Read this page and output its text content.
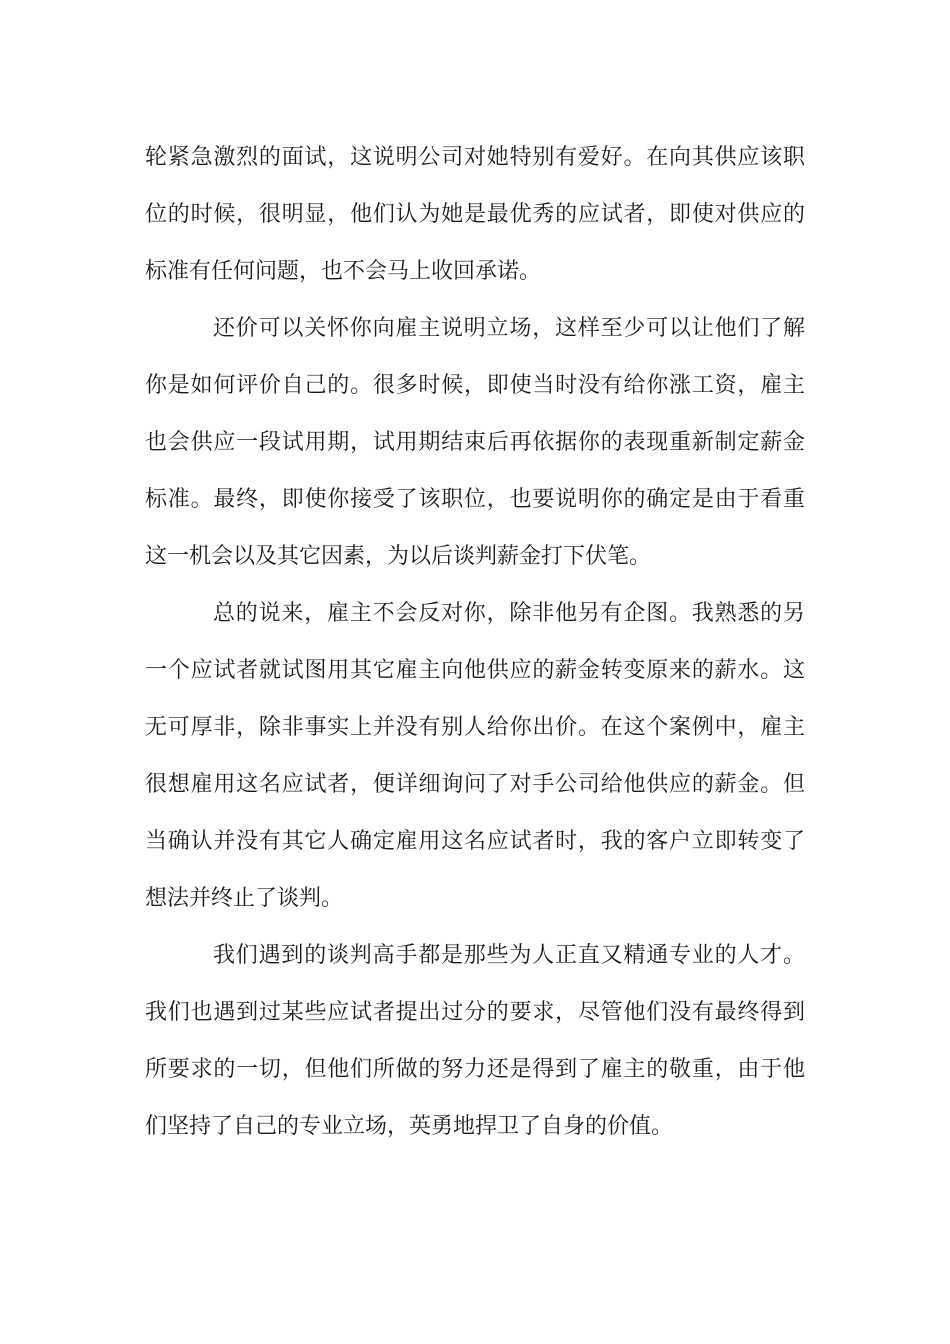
轮紧急激烈的面试，这说明公司对她特别有爱好。在向其供应该职
位的时候，很明显，他们认为她是最优秀的应试者，即使对供应的
标准有任何问题，也不会马上收回承诺。
还价可以关怀你向雇主说明立场，这样至少可以让他们了解
你是如何评价自己的。很多时候，即使当时没有给你涨工资，雇主
也会供应一段试用期，试用期结束后再依据你的表现重新制定薪金
标准。最终，即使你接受了该职位，也要说明你的确定是由于看重
这一机会以及其它因素，为以后谈判薪金打下伏笔。
总的说来，雇主不会反对你，除非他另有企图。我熟悉的另
一个应试者就试图用其它雇主向他供应的薪金转变原来的薪水。这
无可厚非，除非事实上并没有别人给你出价。在这个案例中，雇主
很想雇用这名应试者，便详细询问了对手公司给他供应的薪金。但
当确认并没有其它人确定雇用这名应试者时，我的客户立即转变了
想法并终止了谈判。
我们遇到的谈判高手都是那些为人正直又精通专业的人才。
我们也遇到过某些应试者提出过分的要求，尽管他们没有最终得到
所要求的一切，但他们所做的努力还是得到了雇主的敬重，由于他
们坚持了自己的专业立场，英勇地捍卫了自身的价值。
